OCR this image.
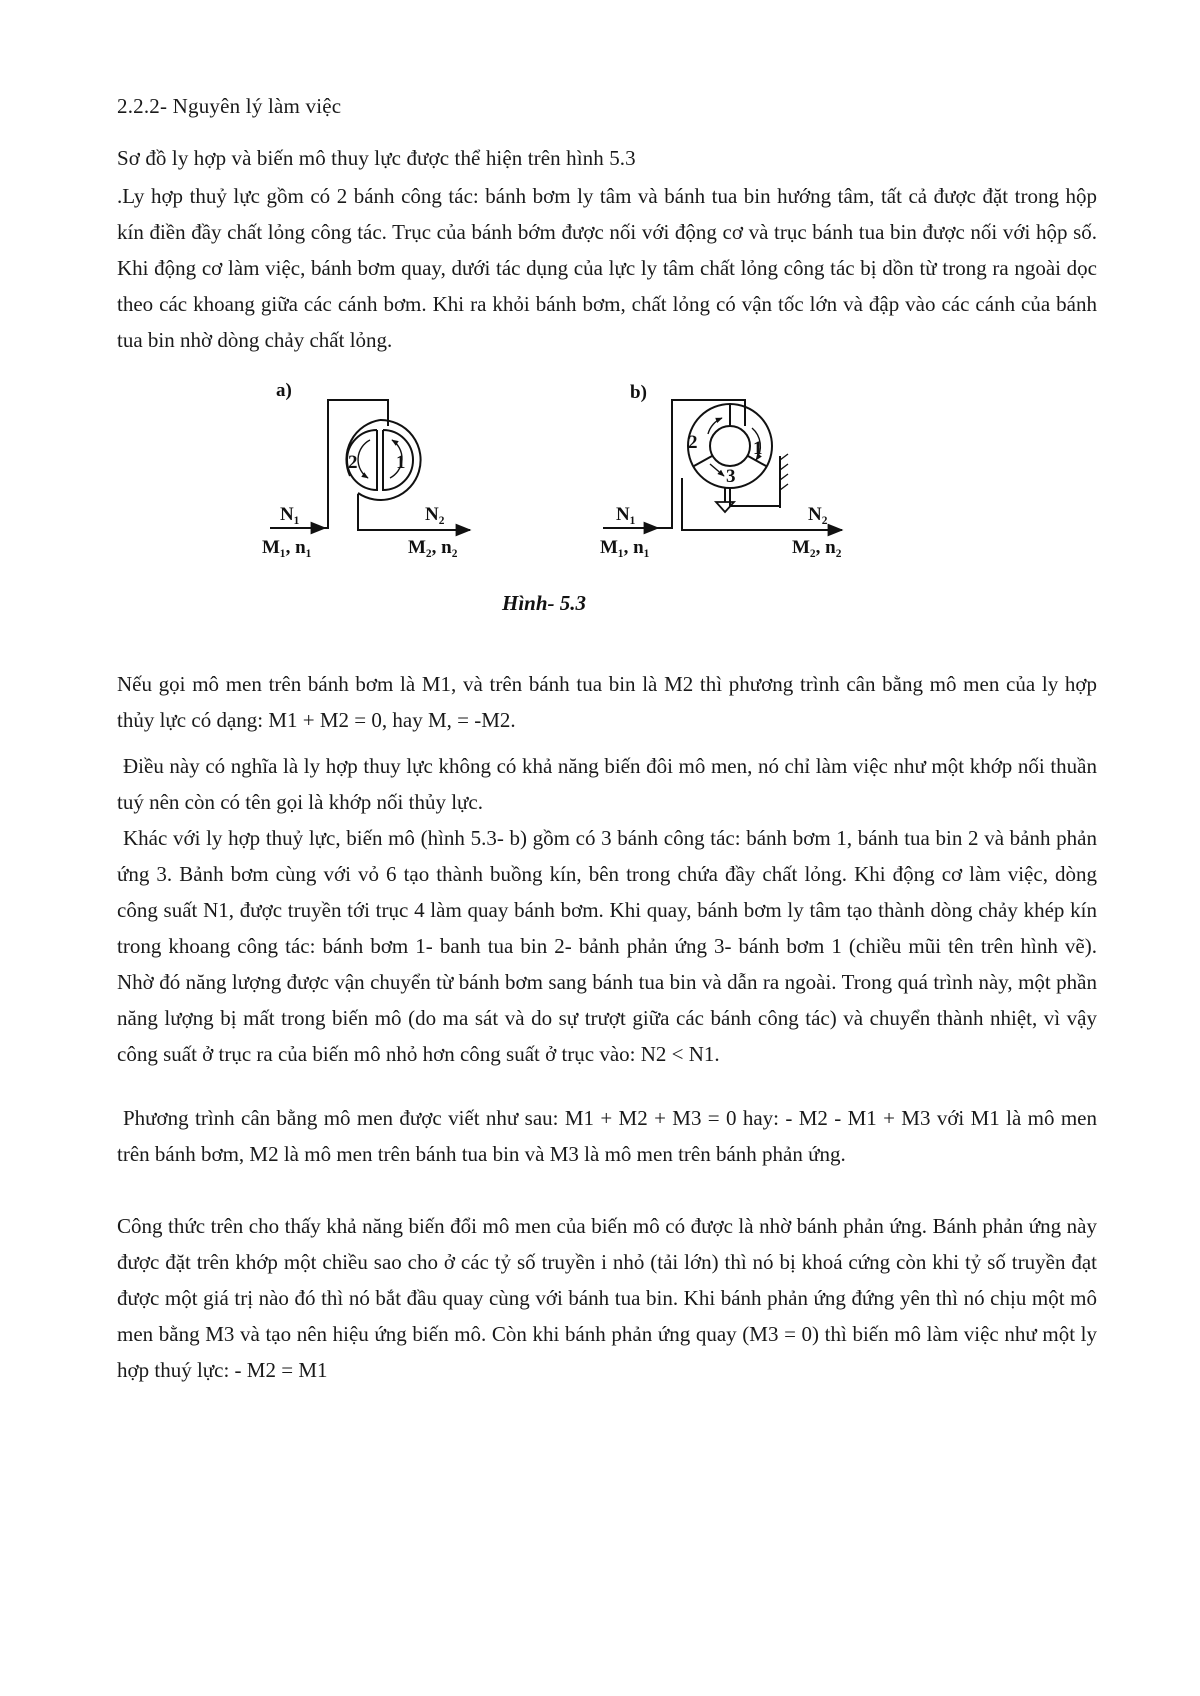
2.2.2- Nguyên lý làm việc
Sơ đồ ly hợp và biến mô thuy lực được thể hiện trên hình 5.3

.Ly hợp thuỷ lực gồm có 2 bánh công tác: bánh bơm ly tâm và bánh tua bin hướng tâm, tất cả được đặt trong hộp kín điền đầy chất lỏng công tác. Trục của bánh bớm được nối với động cơ và trục bánh tua bin được nối với hộp số. Khi động cơ làm việc, bánh bơm quay, dưới tác dụng của lực ly tâm chất lỏng công tác bị dồn từ trong ra ngoài dọc theo các khoang giữa các cánh bơm. Khi ra khỏi bánh bơm, chất lỏng có vận tốc lớn và đập vào các cánh của bánh tua bin nhờ dòng chảy chất lỏng.

a)
2 1
N₁
M₁, n₁
N₂
M₂, n₂
b)
2	1
3
N₁
M₁, n₁
N₂
M₂, n₂
Hình- 5.3

Nếu gọi mô men trên bánh bơm là M1, và trên bánh tua bin là M2 thì phương trình cân bằng mô men của ly hợp thủy lực có dạng: M1 + M2 = 0, hay M, = -M2.

Điều này có nghĩa là ly hợp thuy lực không có khả năng biến đôi mô men, nó chỉ làm việc như một khớp nối thuần tuý nên còn có tên gọi là khớp nối thủy lực.

Khác với ly hợp thuỷ lực, biến mô (hình 5.3- b) gồm có 3 bánh công tác: bánh bơm 1, bánh tua bin 2 và bảnh phản ứng 3. Bảnh bơm cùng với vỏ 6 tạo thành buồng kín, bên trong chứa đầy chất lỏng. Khi động cơ làm việc, dòng công suất N1, được truyền tới trục 4 làm quay bánh bơm. Khi quay, bánh bơm ly tâm tạo thành dòng chảy khép kín trong khoang công tác: bánh bơm 1- banh tua bin 2- bảnh phản ứng 3- bánh bơm 1 (chiều mũi tên trên hình vẽ). Nhờ đó năng lượng được vận chuyển từ bánh bơm sang bánh tua bin và dẫn ra ngoài. Trong quá trình này, một phần năng lượng bị mất trong biến mô (do ma sát và do sự trượt giữa các bánh công tác) và chuyển thành nhiệt, vì vậy công suất ở trục ra của biến mô nhỏ hơn công suất ở trục vào: N2 < N1.

Phương trình cân bằng mô men được viết như sau: M1 + M2 + M3 = 0 hay: - M2 - M1 + M3 với M1 là mô men trên bánh bơm, M2 là mô men trên bánh tua bin và M3 là mô men trên bánh phản ứng.

Công thức trên cho thấy khả năng biến đổi mô men của biến mô có được là nhờ bánh phản ứng. Bánh phản ứng này được đặt trên khớp một chiều sao cho ở các tỷ số truyền i nhỏ (tải lớn) thì nó bị khoá cứng còn khi tỷ số truyền đạt được một giá trị nào đó thì nó bắt đầu quay cùng với bánh tua bin. Khi bánh phản ứng đứng yên thì nó chịu một mô men bằng M3 và tạo nên hiệu ứng biến mô. Còn khi bánh phản ứng quay (M3 = 0) thì biến mô làm việc như một ly hợp thuý lực: - M2 = M1
